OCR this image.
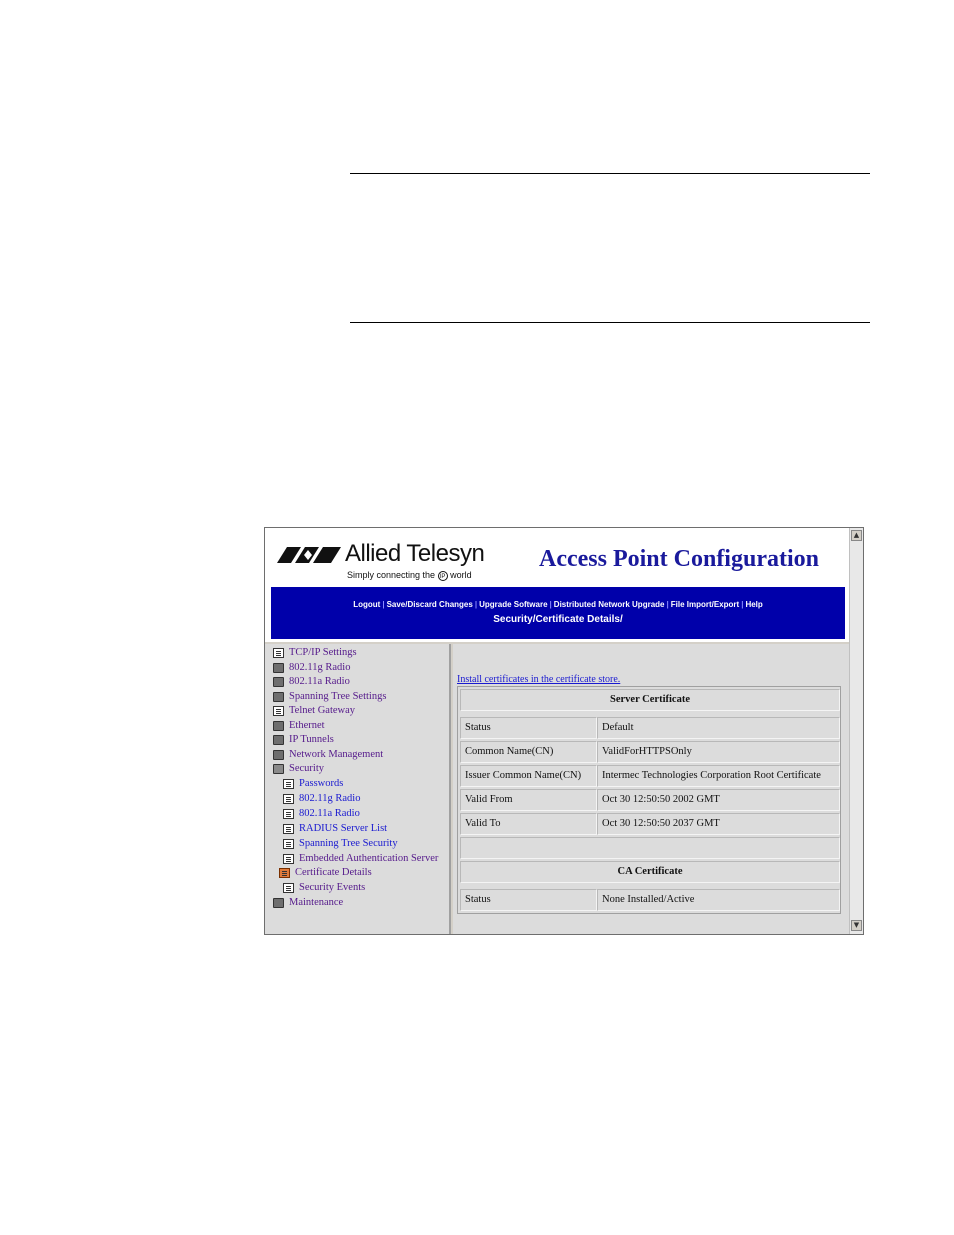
Allied Telesyn
Simply connecting the IP world
Access Point Configuration
Logout | Save/Discard Changes | Upgrade Software | Distributed Network Upgrade | File Import/Export | Help
Security/Certificate Details/
TCP/IP Settings
802.11g Radio
802.11a Radio
Spanning Tree Settings
Telnet Gateway
Ethernet
IP Tunnels
Network Management
Security
Passwords
802.11g Radio
802.11a Radio
RADIUS Server List
Spanning Tree Security
Embedded Authentication Server
Certificate Details
Security Events
Maintenance
Install certificates in the certificate store.
Server Certificate
Status	Default
Common Name(CN)	ValidForHTTPSOnly
Issuer Common Name(CN)	Intermec Technologies Corporation Root Certificate
Valid From	Oct 30 12:50:50 2002 GMT
Valid To	Oct 30 12:50:50 2037 GMT
CA Certificate
Status	None Installed/Active
▲
▼
